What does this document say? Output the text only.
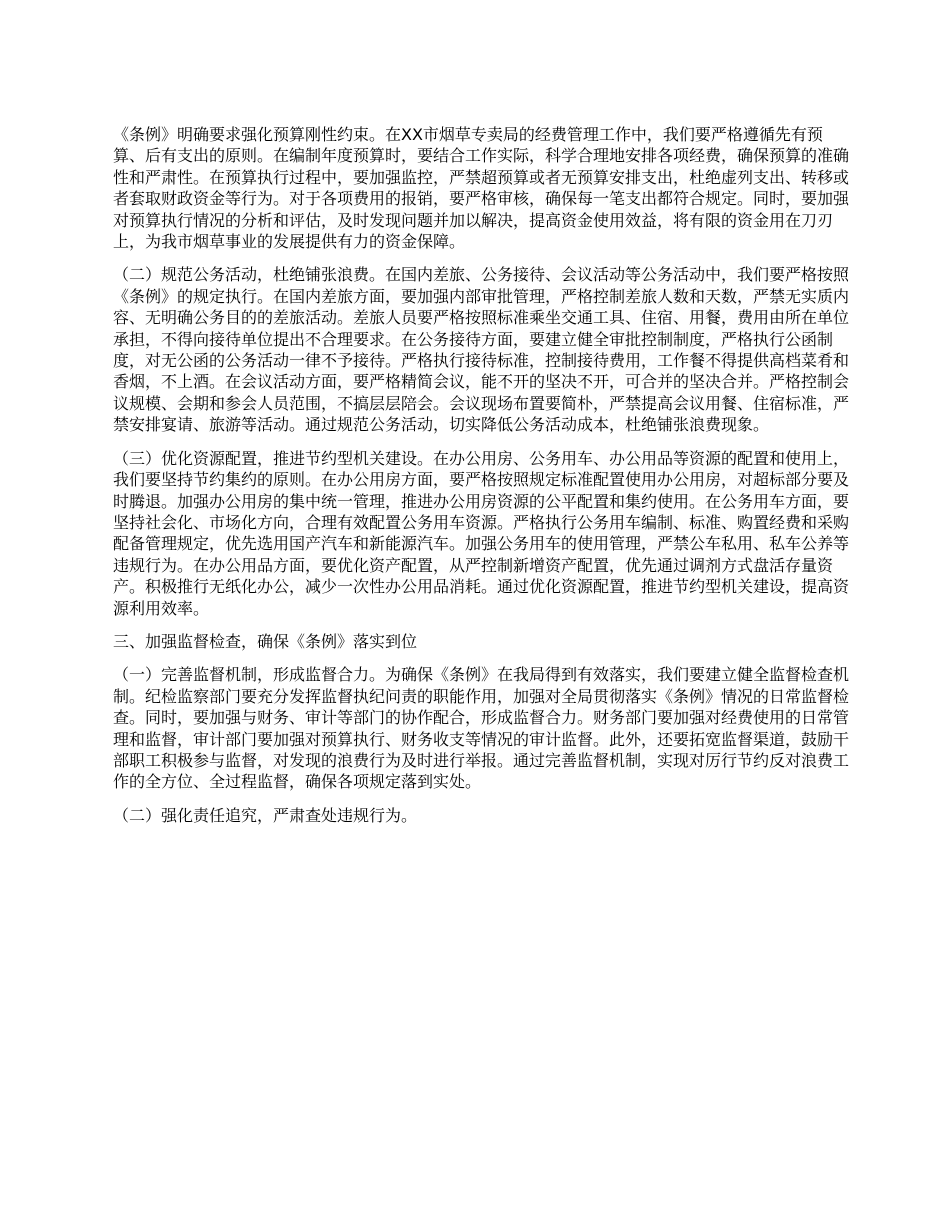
《条例》明确要求强化预算刚性约束。在XX市烟草专卖局的经费管理工作中，我们要严格遵循先有预算、后有支出的原则。在编制年度预算时，要结合工作实际，科学合理地安排各项经费，确保预算的准确性和严肃性。在预算执行过程中，要加强监控，严禁超预算或者无预算安排支出，杜绝虚列支出、转移或者套取财政资金等行为。对于各项费用的报销，要严格审核，确保每一笔支出都符合规定。同时，要加强对预算执行情况的分析和评估，及时发现问题并加以解决，提高资金使用效益，将有限的资金用在刀刃上，为我市烟草事业的发展提供有力的资金保障。

（二）规范公务活动，杜绝铺张浪费。在国内差旅、公务接待、会议活动等公务活动中，我们要严格按照《条例》的规定执行。在国内差旅方面，要加强内部审批管理，严格控制差旅人数和天数，严禁无实质内容、无明确公务目的的差旅活动。差旅人员要严格按照标准乘坐交通工具、住宿、用餐，费用由所在单位承担，不得向接待单位提出不合理要求。在公务接待方面，要建立健全审批控制制度，严格执行公函制度，对无公函的公务活动一律不予接待。严格执行接待标准，控制接待费用，工作餐不得提供高档菜肴和香烟，不上酒。在会议活动方面，要严格精简会议，能不开的坚决不开，可合并的坚决合并。严格控制会议规模、会期和参会人员范围，不搞层层陪会。会议现场布置要简朴，严禁提高会议用餐、住宿标准，严禁安排宴请、旅游等活动。通过规范公务活动，切实降低公务活动成本，杜绝铺张浪费现象。

（三）优化资源配置，推进节约型机关建设。在办公用房、公务用车、办公用品等资源的配置和使用上，我们要坚持节约集约的原则。在办公用房方面，要严格按照规定标准配置使用办公用房，对超标部分要及时腾退。加强办公用房的集中统一管理，推进办公用房资源的公平配置和集约使用。在公务用车方面，要坚持社会化、市场化方向，合理有效配置公务用车资源。严格执行公务用车编制、标准、购置经费和采购配备管理规定，优先选用国产汽车和新能源汽车。加强公务用车的使用管理，严禁公车私用、私车公养等违规行为。在办公用品方面，要优化资产配置，从严控制新增资产配置，优先通过调剂方式盘活存量资产。积极推行无纸化办公，减少一次性办公用品消耗。通过优化资源配置，推进节约型机关建设，提高资源利用效率。

三、加强监督检查，确保《条例》落实到位

（一）完善监督机制，形成监督合力。为确保《条例》在我局得到有效落实，我们要建立健全监督检查机制。纪检监察部门要充分发挥监督执纪问责的职能作用，加强对全局贯彻落实《条例》情况的日常监督检查。同时，要加强与财务、审计等部门的协作配合，形成监督合力。财务部门要加强对经费使用的日常管理和监督，审计部门要加强对预算执行、财务收支等情况的审计监督。此外，还要拓宽监督渠道，鼓励干部职工积极参与监督，对发现的浪费行为及时进行举报。通过完善监督机制，实现对厉行节约反对浪费工作的全方位、全过程监督，确保各项规定落到实处。

（二）强化责任追究，严肃查处违规行为。
